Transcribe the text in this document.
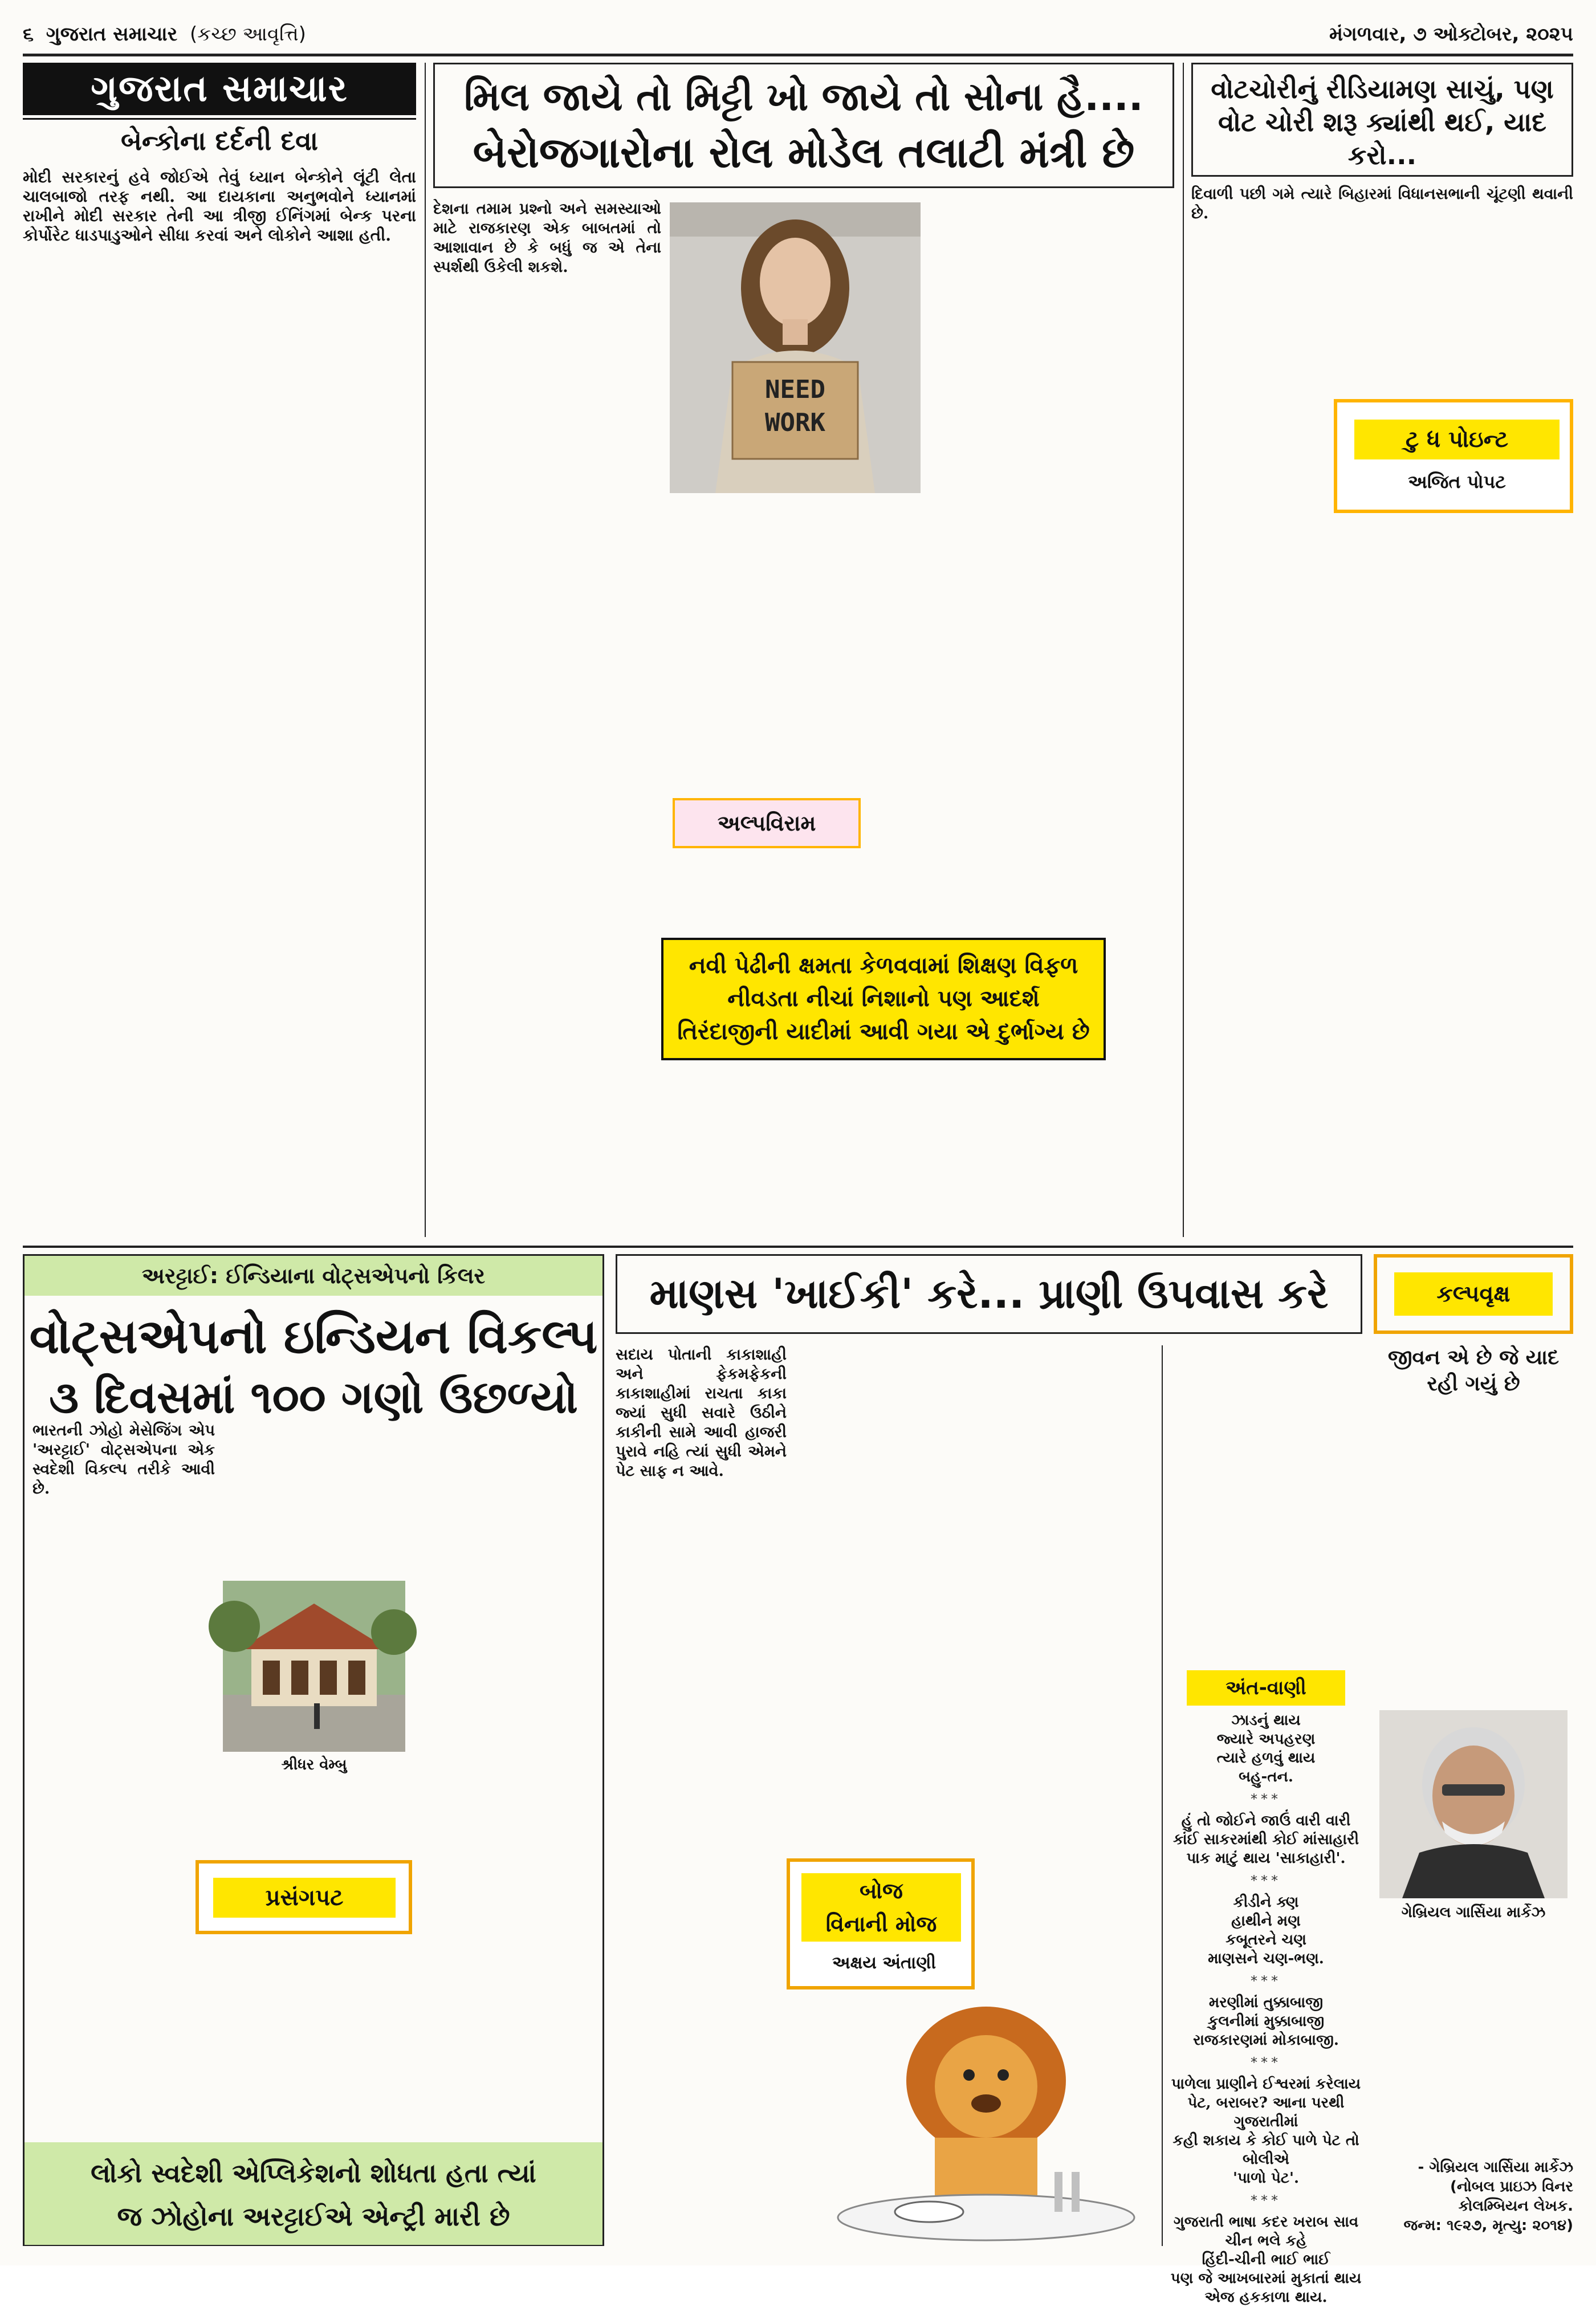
૬ ગુજરાત સમાચાર (કચ્છ આવૃત્તિ)	મંગળવાર, ૭ ઓક્ટોબર, ૨૦૨૫
ગુજરાત સમાચાર
બેન્કોના દર્દની દવા
મોદી સરકારનું હવે જોઈએ તેવું ધ્યાન બેન્કોને લૂંટી લેતા ચાલબાજો તરફ નથી. આ દાયકાના અનુભવોને ધ્યાનમાં રાખીને મોદી સરકાર તેની આ ત્રીજી ઈનિંગમાં બેન્ક પરના કોર્પોરેટ ધાડપાડુઓને સીધા કરવાં અને લોકોને આશા હતી.
મિલ જાયે તો મિટ્ટી ખો જાયે તો સોના હૈ....
બેરોજગારોના રોલ મોડેલ તલાટી મંત્રી છે
દેશના તમામ પ્રશ્નો અને સમસ્યાઓ માટે રાજકારણ એક બાબતમાં તો આશાવાન છે કે બધું જ એ તેના સ્પર્શથી ઉકેલી શકશે.
NEED
WORK
અલ્પવિરામ
નવી પેઢીની ક્ષમતા કેળવવામાં શિક્ષણ વિફળ નીવડતા નીચાં નિશાનો પણ આદર્શ તિરંદાજીની યાદીમાં આવી ગયા એ દુર્ભાગ્ય છે
વોટચોરીનું રીડિયામણ સાચું, પણ વોટ ચોરી શરૂ ક્યાંથી થઈ, યાદ કરો...
દિવાળી પછી ગમે ત્યારે બિહારમાં વિધાનસભાની ચૂંટણી થવાની છે.
ટુ ધ પોઇન્ટ
અજિત પોપટ
અરટ્ટાઈ: ઈન્ડિયાના વોટ્સએપનો કિલર
વોટ્સએપનો ઇન્ડિયન વિકલ્પ
૩ દિવસમાં ૧૦૦ ગણો ઉછળ્યો
ભારતની ઝોહો મેસેજિંગ એપ 'અરટ્ટાઈ' વોટ્સએપના એક સ્વદેશી વિકલ્પ તરીકે આવી છે.
શ્રીધર વેમ્બુ
પ્રસંગપટ
લોકો સ્વદેશી એપ્લિકેશનો શોધતા હતા ત્યાં
જ ઝોહોના અરટ્ટાઈએ એન્ટ્રી મારી છે
માણસ 'ખાઈકી' કરે... પ્રાણી ઉપવાસ કરે
સદાય પોતાની કાકાશાહી અને ફેકમફેકની કાકાશાહીમાં રાચતા કાકા જ્યાં સુધી સવારે ઉઠીને કાકીની સામે આવી હાજરી પુરાવે નહિ ત્યાં સુધી એમને પેટ સાફ ન આવે.
બોજ
વિનાની મોજ
અક્ષય અંતાણી
અંત-વાણી
ઝાડનું થાય
જ્યારે અપહરણ
ત્યારે હળવું થાય
બહુ-તન.
***
હું તો જોઈને જાઉં વારી વારી
કાંઈ સાકરમાંથી કોઈ માંસાહારી
પાક માટું થાય 'સાકાહારી'.
***
કીડીને ક્ણ
હાથીને મણ
કબૂતરને ચણ
માણસને ચણ-ભણ.
***
મરણીમાં તુક્કાબાજી
કુલનીમાં મુક્કાબાજી
રાજકારણમાં મોકાબાજી.
***
પાળેલા પ્રાણીને ઈશ્વરમાં કરેલાય
પેટ, બરાબર? આના પરથી ગુજરાતીમાં
કહી શકાય કે કોઈ પાળે પેટ તો બોલીએ
'પાળો પેટ'.
***
ગુજરાતી ભાષા કદર ખરાબ સાવ
ચીન ભલે કહે
હિંદી-ચીની ભાઈ ભાઈ
પણ જે આખબારમાં મુકાતાં થાય
એજ હકકાળા થાય.
કલ્પવૃક્ષ
જીવન એ છે જે યાદ
રહી ગયું છે
ગેબ્રિયલ ગાર્સિયા માર્કેઝ
- ગેબ્રિયલ ગાર્સિયા માર્કેઝ
(નોબલ પ્રાઇઝ વિનર
કોલમ્બિયન લેખક.
જન્મ: ૧૯૨૭, મૃત્યુ: ૨૦૧૪)
